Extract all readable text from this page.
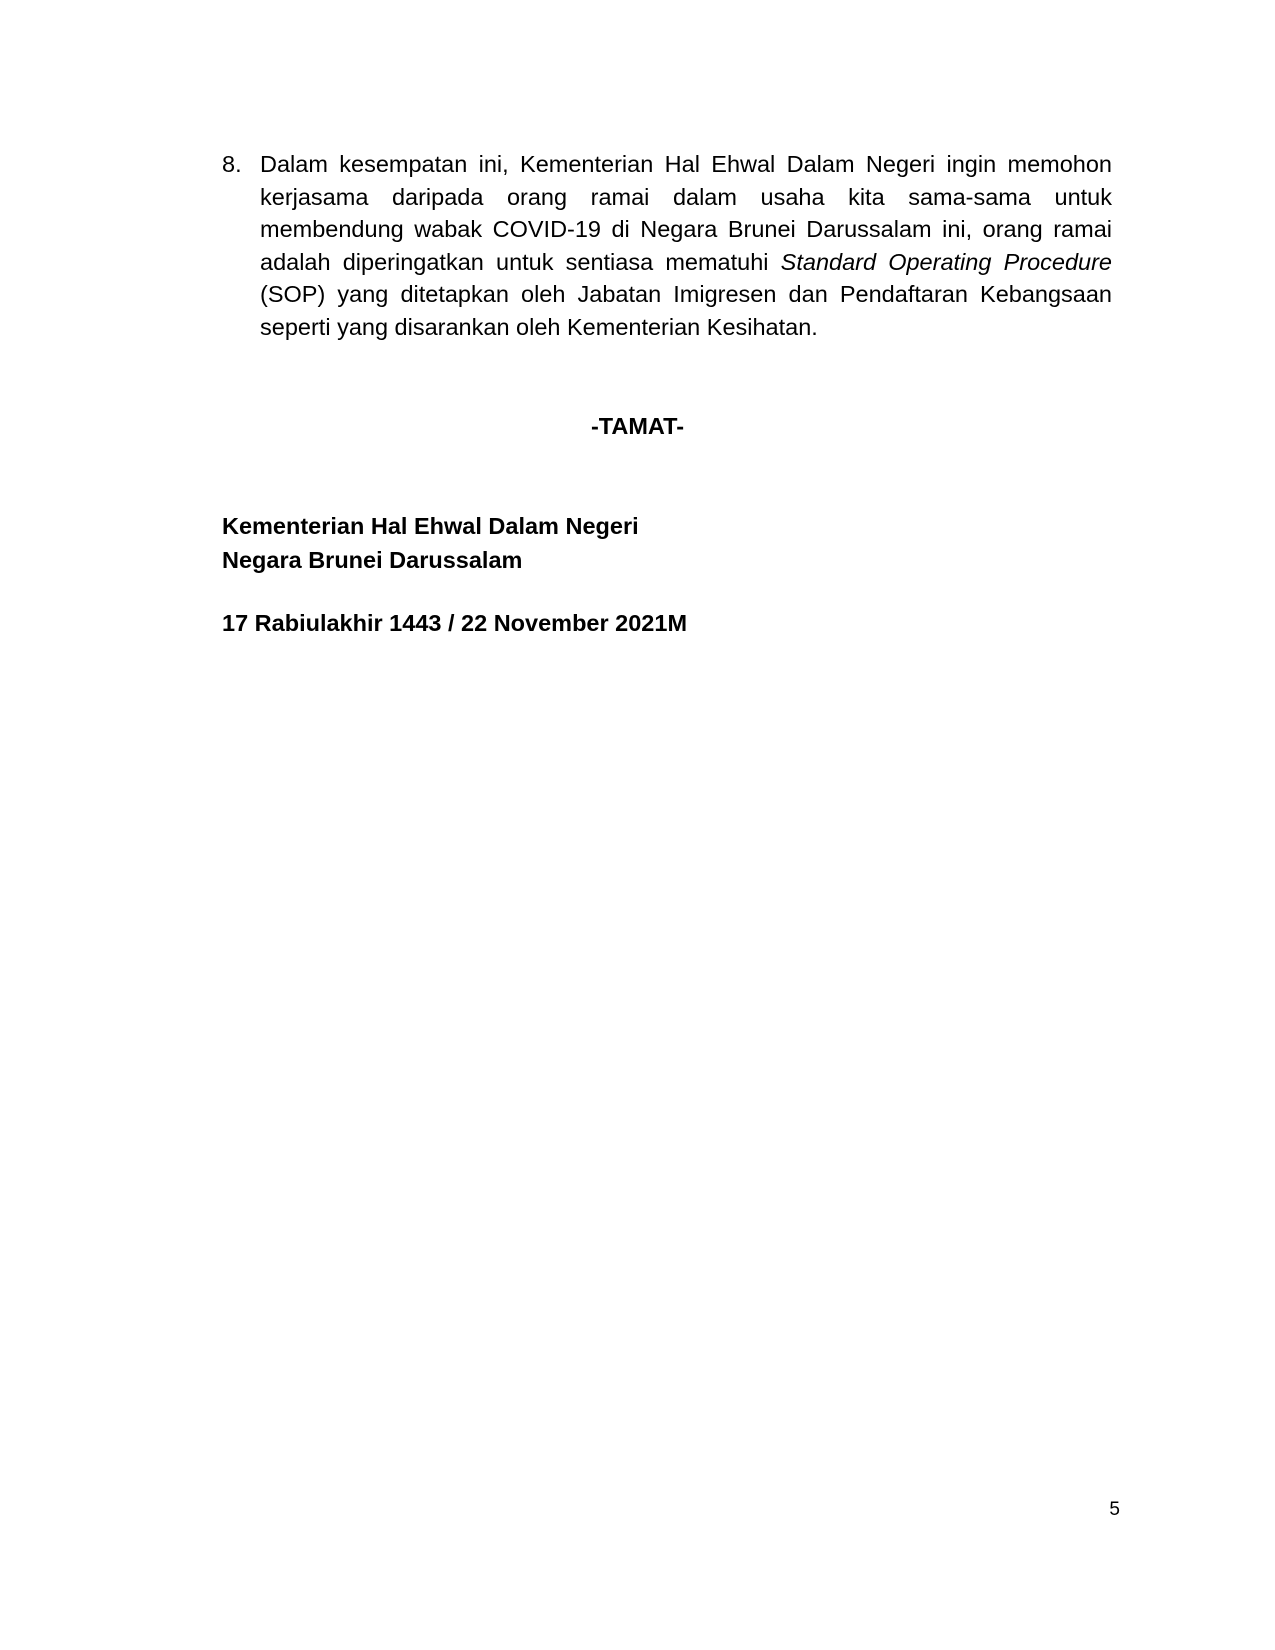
8. Dalam kesempatan ini, Kementerian Hal Ehwal Dalam Negeri ingin memohon kerjasama daripada orang ramai dalam usaha kita sama-sama untuk membendung wabak COVID-19 di Negara Brunei Darussalam ini, orang ramai adalah diperingatkan untuk sentiasa mematuhi Standard Operating Procedure (SOP) yang ditetapkan oleh Jabatan Imigresen dan Pendaftaran Kebangsaan seperti yang disarankan oleh Kementerian Kesihatan.
-TAMAT-
Kementerian Hal Ehwal Dalam Negeri
Negara Brunei Darussalam
17 Rabiulakhir 1443 / 22 November 2021M
5
